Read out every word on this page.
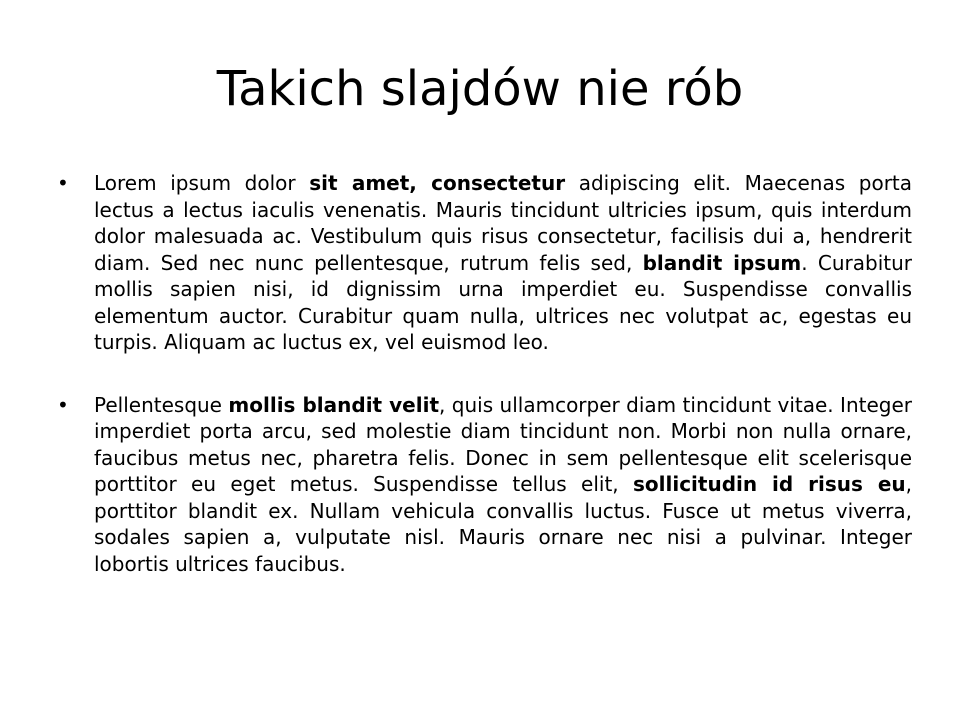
Takich slajdów nie rób
•	Lorem ipsum dolor sit amet, consectetur adipiscing elit. Maecenas porta lectus a lectus iaculis venenatis. Mauris tincidunt ultricies ipsum, quis interdum dolor malesuada ac. Vestibulum quis risus consectetur, facilisis dui a, hendrerit diam. Sed nec nunc pellentesque, rutrum felis sed, blandit ipsum. Curabitur mollis sapien nisi, id dignissim urna imperdiet eu. Suspendisse convallis elementum auctor. Curabitur quam nulla, ultrices nec volutpat ac, egestas eu turpis. Aliquam ac luctus ex, vel euismod leo.
•	Pellentesque mollis blandit velit, quis ullamcorper diam tincidunt vitae. Integer imperdiet porta arcu, sed molestie diam tincidunt non. Morbi non nulla ornare, faucibus metus nec, pharetra felis. Donec in sem pellentesque elit scelerisque porttitor eu eget metus. Suspendisse tellus elit, sollicitudin id risus eu, porttitor blandit ex. Nullam vehicula convallis luctus. Fusce ut metus viverra, sodales sapien a, vulputate nisl. Mauris ornare nec nisi a pulvinar. Integer lobortis ultrices faucibus.
